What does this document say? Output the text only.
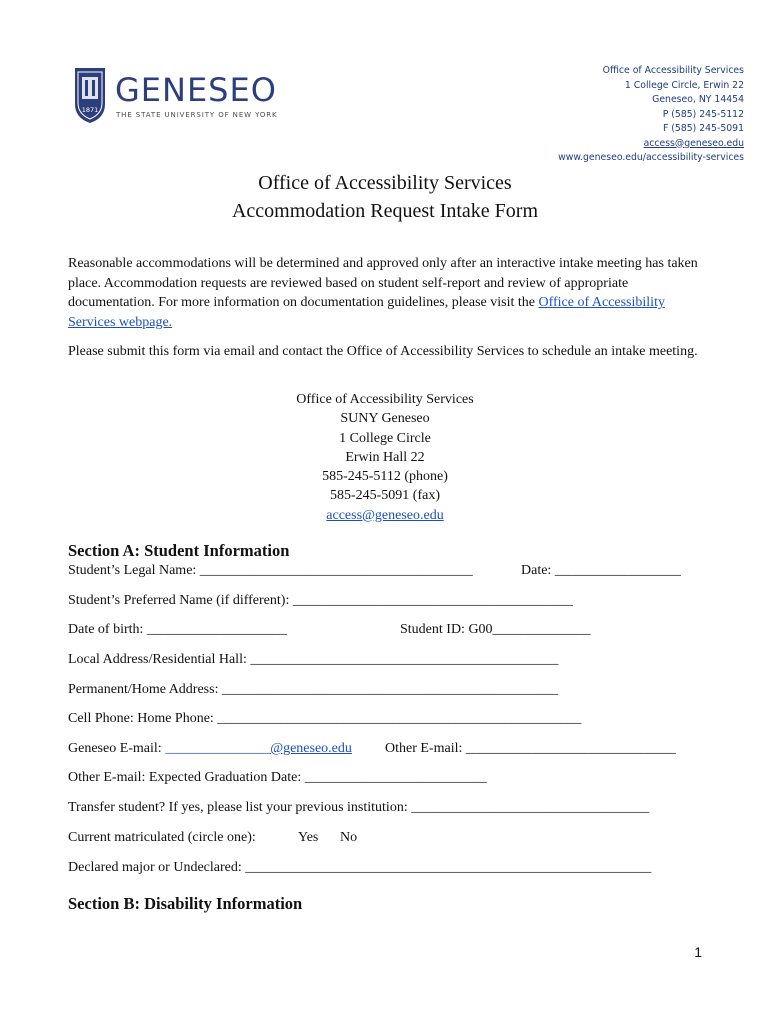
1871
GENESEO
THE STATE UNIVERSITY OF NEW YORK
Office of Accessibility Services
1 College Circle, Erwin 22
Geneseo, NY 14454
P (585) 245-5112
F (585) 245-5091
access@geneseo.edu
www.geneseo.edu/accessibility-services
Office of Accessibility Services
Accommodation Request Intake Form
Reasonable accommodations will be determined and approved only after an interactive intake meeting has taken place. Accommodation requests are reviewed based on student self-report and review of appropriate documentation. For more information on documentation guidelines, please visit the Office of Accessibility Services webpage.
Please submit this form via email and contact the Office of Accessibility Services to schedule an intake meeting.
Office of Accessibility Services
SUNY Geneseo
1 College Circle
Erwin Hall 22
585-245-5112 (phone)
585-245-5091 (fax)
access@geneseo.edu
Section A: Student Information
Student’s Legal Name: _______________________________________	Date: __________________
Student’s Preferred Name (if different): ________________________________________
Date of birth: ____________________	Student ID: G00______________
Local Address/Residential Hall: ____________________________________________
Permanent/Home Address: ________________________________________________
Cell Phone: Home Phone: ____________________________________________________
Geneseo E-mail: _______________@geneseo.edu Other E-mail: ______________________________
Other E-mail: Expected Graduation Date: __________________________
Transfer student? If yes, please list your previous institution: __________________________________
Current matriculated (circle one):	Yes No
Declared major or Undeclared: __________________________________________________________
Section B: Disability Information
1
